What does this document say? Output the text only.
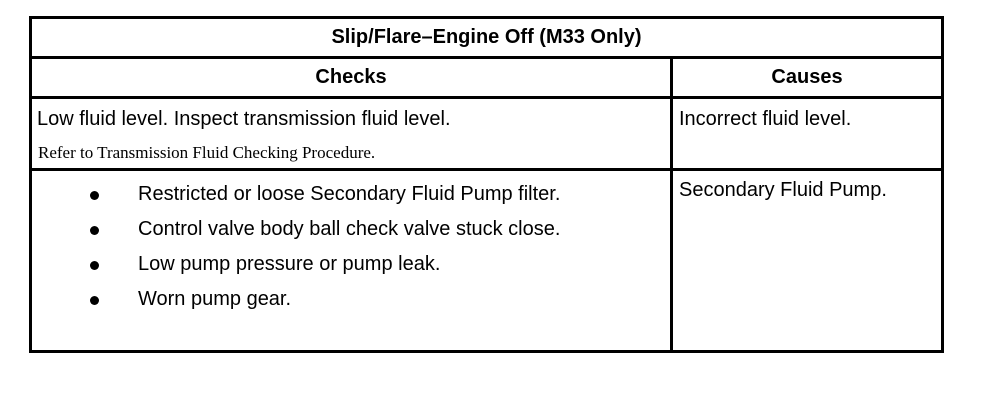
Slip/Flare–Engine Off (M33 Only)
Checks	Causes
Low fluid level. Inspect transmission fluid level.
Refer to Transmission Fluid Checking Procedure.
Incorrect fluid level.
Restricted or loose Secondary Fluid Pump filter.
Control valve body ball check valve stuck close.
Low pump pressure or pump leak.
Worn pump gear.
Secondary Fluid Pump.
